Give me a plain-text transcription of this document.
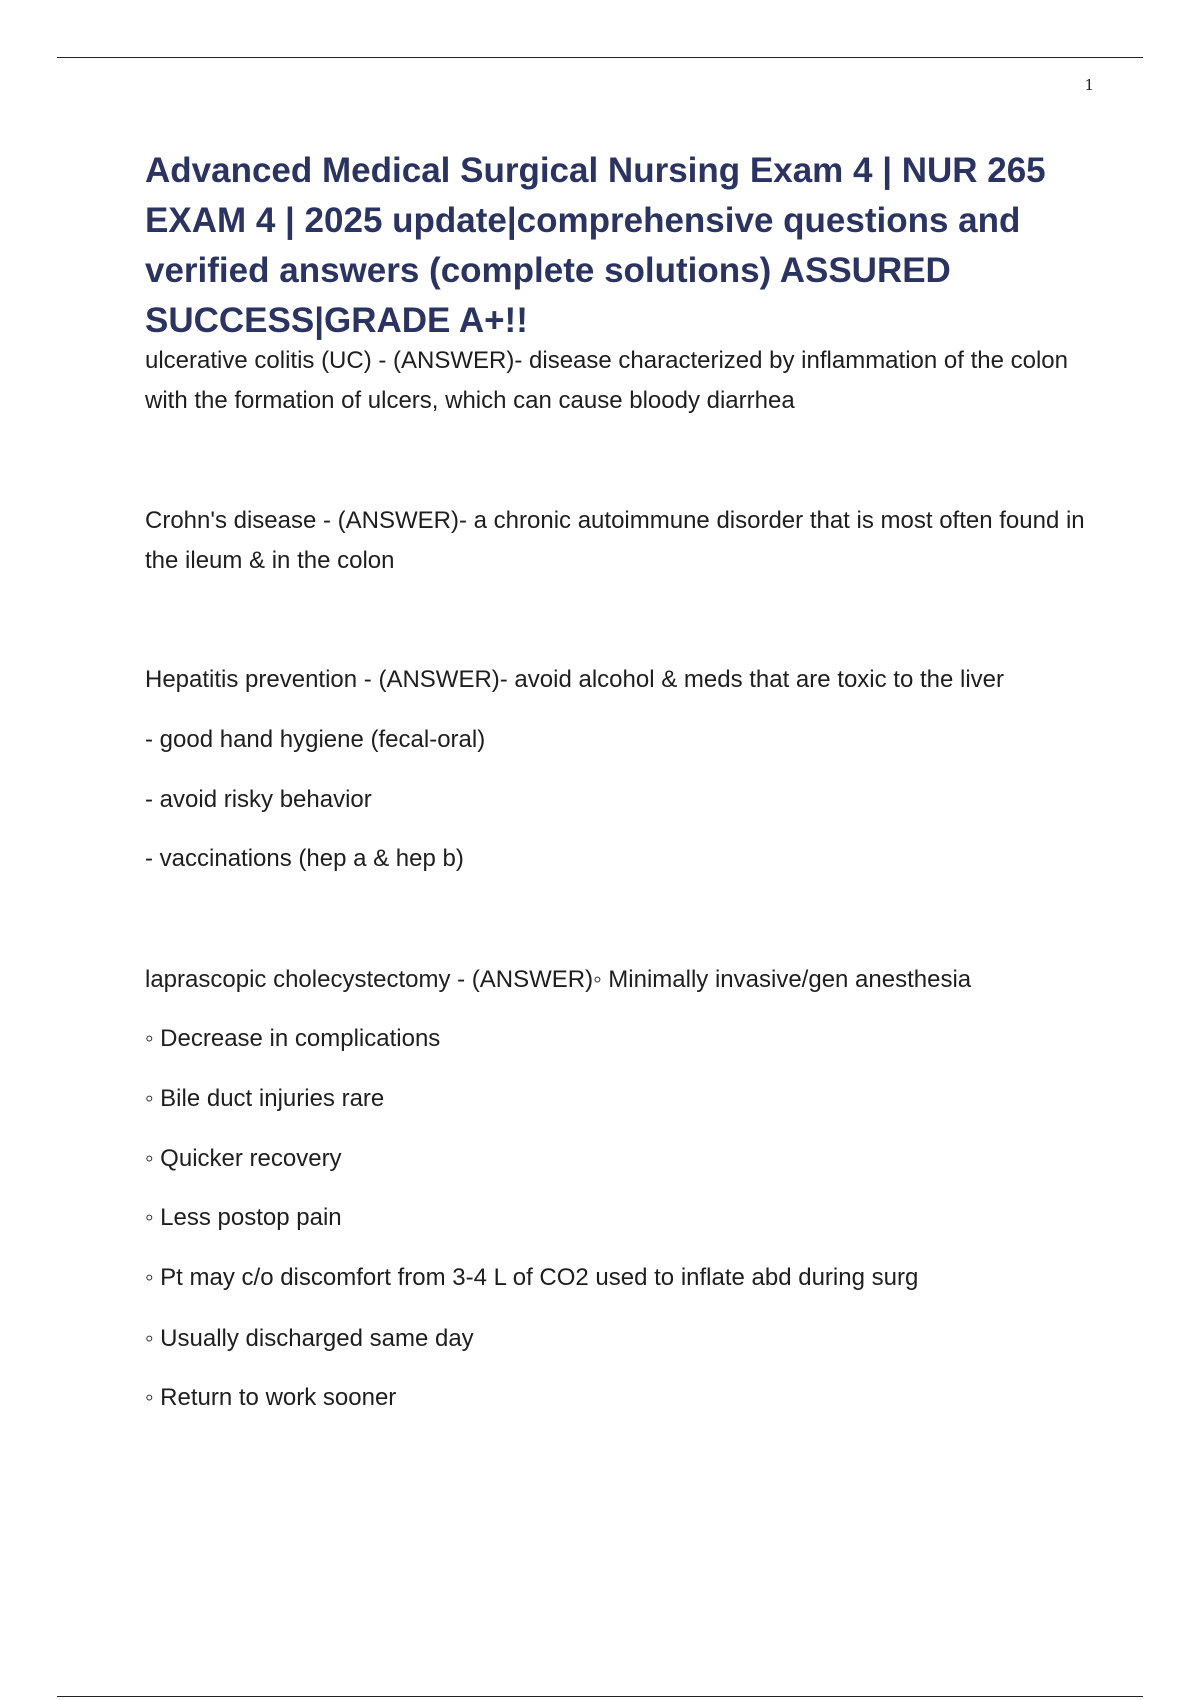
1
Advanced Medical Surgical Nursing Exam 4 | NUR 265 EXAM 4 | 2025 update|comprehensive questions and verified answers (complete solutions) ASSURED SUCCESS|GRADE A+!!

ulcerative colitis (UC) - (ANSWER)- disease characterized by inflammation of the colon with the formation of ulcers, which can cause bloody diarrhea

Crohn's disease - (ANSWER)- a chronic autoimmune disorder that is most often found in the ileum & in the colon

Hepatitis prevention - (ANSWER)- avoid alcohol & meds that are toxic to the liver

- good hand hygiene (fecal-oral)

- avoid risky behavior

- vaccinations (hep a & hep b)

laprascopic cholecystectomy - (ANSWER)◦ Minimally invasive/gen anesthesia

◦ Decrease in complications

◦ Bile duct injuries rare

◦ Quicker recovery

◦ Less postop pain

◦ Pt may c/o discomfort from 3-4 L of CO2 used to inflate abd during surg

◦ Usually discharged same day

◦ Return to work sooner
